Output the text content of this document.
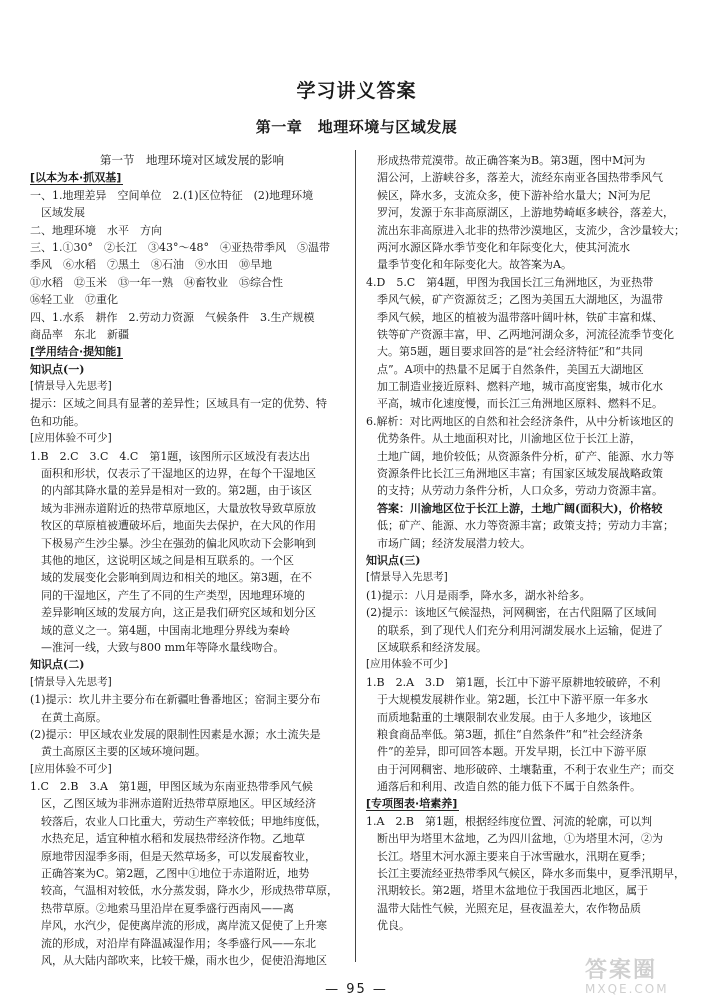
学习讲义答案
第一章　地理环境与区域发展
第一节　地理环境对区域发展的影响
[以本为本·抓双基]
一、1.地理差异　空间单位　2.(1)区位特征　(2)地理环境
　区域发展
二、地理环境　水平　方向
三、1.①30°　②长江　③43°～48°　④亚热带季风　⑤温带
季风　⑥水稻　⑦黑土　⑧石油　⑨水田　⑩旱地
⑪水稻　⑫玉米　⑬一年一熟　⑭畜牧业　⑮综合性
⑯轻工业　⑰重化
四、1.水系　耕作　2.劳动力资源　气候条件　3.生产规模
商品率　东北　新疆
[学用结合·提知能]
知识点(一)
[情景导入先思考]
提示：区域之间具有显著的差异性；区域具有一定的优势、特
色和功能。
[应用体验不可少]
1.B　2.C　3.C　4.C　第1题，该图所示区域没有表达出
　面积和形状，仅表示了干湿地区的边界，在每个干湿地区
　的内部其降水量的差异是相对一致的。第2题，由于该区
　域为非洲赤道附近的热带草原地区，大量放牧导致草原放
　牧区的草原植被遭破坏后，地面失去保护，在大风的作用
　下极易产生沙尘暴。沙尘在强劲的偏北风吹动下会影响到
　其他的地区，这说明区域之间是相互联系的。一个区
　域的发展变化会影响到周边和相关的地区。第3题，在不
　同的干湿地区，产生了不同的生产类型，因地理环境的
　差异影响区域的发展方向，这正是我们研究区域和划分区
　域的意义之一。第4题，中国南北地理分界线为秦岭
　—淮河一线，大致与800 mm年等降水量线吻合。
知识点(二)
[情景导入先思考]
(1)提示：坎儿井主要分布在新疆吐鲁番地区；窑洞主要分布
　在黄土高原。
(2)提示：甲区域农业发展的限制性因素是水源；水土流失是
　黄土高原区主要的区域环境问题。
[应用体验不可少]
1.C　2.B　3.A　第1题，甲图区域为东南亚热带季风气候
　区，乙图区域为非洲赤道附近热带草原地区。甲区域经济
　较落后，农业人口比重大，劳动生产率较低；甲地纬度低，
　水热充足，适宜种植水稻和发展热带经济作物。乙地草
　原地带因湿季多雨，但是天然草场多，可以发展畜牧业，
　正确答案为C。第2题，乙图中①地位于赤道附近，地势
　较高，气温相对较低，水分蒸发弱，降水少，形成热带草原，
　热带草原。②地索马里沿岸在夏季盛行西南风——离
　岸风，水汽少，促使离岸流的形成，离岸流又促使了上升寒
　流的形成，对沿岸有降温减湿作用；冬季盛行风——东北
　风，从大陆内部吹来，比较干燥，雨水也少，促使沿海地区
　形成热带荒漠带。故正确答案为B。第3题，图中M河为
　湄公河，上游峡谷多，落差大，流经东南亚各国热带季风气
　候区，降水多，支流众多，使下游补给水量大；N河为尼
　罗河，发源于东非高原湖区，上游地势崎岖多峡谷，落差大，
　流出东非高原进入北非的热带沙漠地区，支流少，含沙量较大；
　两河水源区降水季节变化和年际变化大，使其河流水
　量季节变化和年际变化大。故答案为A。
4.D　5.C　第4题，甲图为我国长江三角洲地区，为亚热带
　季风气候，矿产资源贫乏；乙图为美国五大湖地区，为温带
　季风气候，地区的植被为温带落叶阔叶林，铁矿丰富和煤、
　铁等矿产资源丰富，甲、乙两地河湖众多，河流径流季节变化
　大。第5题，题目要求回答的是“社会经济特征”和“共同
　点”。A项中的热量不足属于自然条件，美国五大湖地区
　加工制造业接近原料、燃料产地，城市高度密集，城市化水
　平高，城市化速度慢，而长江三角洲地区原料、燃料不足。
6.解析：对比两地区的自然和社会经济条件，从中分析该地区的
　优势条件。从土地面积对比，川渝地区位于长江上游，
　土地广阔，地价较低；从资源条件分析，矿产、能源、水力等
　资源条件比长江三角洲地区丰富；有国家区域发展战略政策
　的支持；从劳动力条件分析，人口众多，劳动力资源丰富。
　答案：川渝地区位于长江上游，土地广阔(面积大)，价格较
　低；矿产、能源、水力等资源丰富；政策支持；劳动力丰富；
　市场广阔；经济发展潜力较大。
知识点(三)
[情景导入先思考]
(1)提示：八月是雨季，降水多，湖水补给多。
(2)提示：该地区气候湿热，河网稠密，在古代阻隔了区域间
　的联系，到了现代人们充分利用河湖发展水上运输，促进了
　区域联系和经济发展。
[应用体验不可少]
1.B　2.A　3.D　第1题，长江中下游平原耕地较破碎，不利
　于大规模发展耕作业。第2题，长江中下游平原一年多水
　而质地黏重的土壤限制农业发展。由于人多地少，该地区
　粮食商品率低。第3题，抓住“自然条件”和“社会经济条
　件”的差异，即可回答本题。开发早期，长江中下游平原
　由于河网稠密、地形破碎、土壤黏重，不利于农业生产；而交
　通落后和利用、改造自然的能力低下不属于自然条件。
[专项图表·培素养]
1.A　2.B　第1题，根据经纬度位置、河流的轮廓，可以判
　断出甲为塔里木盆地，乙为四川盆地，①为塔里木河，②为
　长江。塔里木河水源主要来自于冰雪融水，汛期在夏季；
　长江主要流经亚热带季风气候区，降水多而集中，夏季汛期早，
　汛期较长。第2题，塔里木盆地位于我国西北地区，属于
　温带大陆性气候，光照充足，昼夜温差大，农作物品质
　优良。
— 95 —
答案圈
MXQE.COM
